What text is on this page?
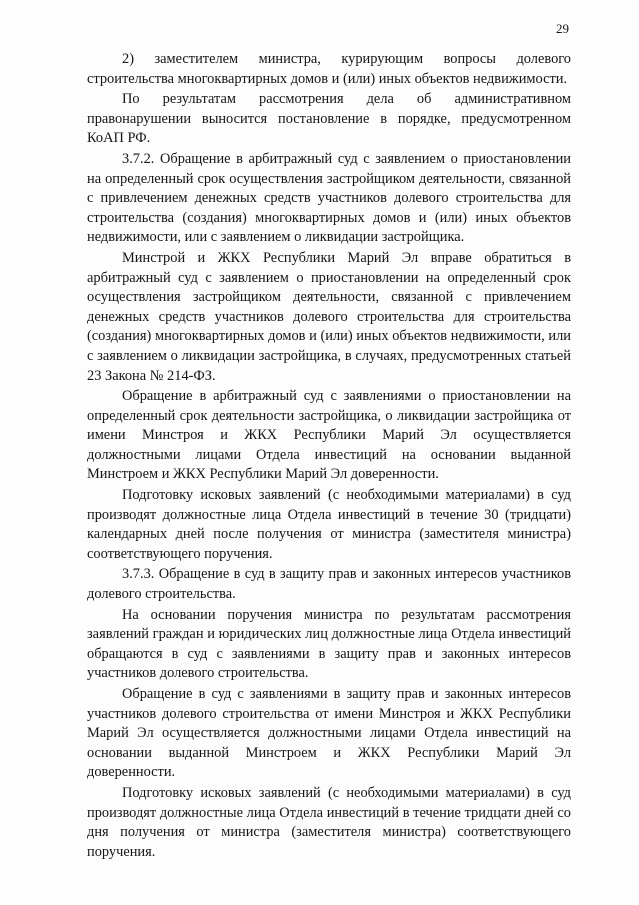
29

2) заместителем министра, курирующим вопросы долевого строительства многоквартирных домов и (или) иных объектов недвижимости.

По результатам рассмотрения дела об административном правонарушении выносится постановление в порядке, предусмотренном КоАП РФ.

3.7.2. Обращение в арбитражный суд с заявлением о приостановлении на определенный срок осуществления застройщиком деятельности, связанной с привлечением денежных средств участников долевого строительства для строительства (создания) многоквартирных домов и (или) иных объектов недвижимости, или с заявлением о ликвидации застройщика.

Минстрой и ЖКХ Республики Марий Эл вправе обратиться в арбитражный суд с заявлением о приостановлении на определенный срок осуществления застройщиком деятельности, связанной с привлечением денежных средств участников долевого строительства для строительства (создания) многоквартирных домов и (или) иных объектов недвижимости, или с заявлением о ликвидации застройщика, в случаях, предусмотренных статьей 23 Закона № 214-ФЗ.

Обращение в арбитражный суд с заявлениями о приостановлении на определенный срок деятельности застройщика, о ликвидации застройщика от имени Минстроя и ЖКХ Республики Марий Эл осуществляется должностными лицами Отдела инвестиций на основании выданной Минстроем и ЖКХ Республики Марий Эл доверенности.

Подготовку исковых заявлений (с необходимыми материалами) в суд производят должностные лица Отдела инвестиций в течение 30 (тридцати) календарных дней после получения от министра (заместителя министра) соответствующего поручения.

3.7.3. Обращение в суд в защиту прав и законных интересов участников долевого строительства.

На основании поручения министра по результатам рассмотрения заявлений граждан и юридических лиц должностные лица Отдела инвестиций обращаются в суд с заявлениями в защиту прав и законных интересов участников долевого строительства.

Обращение в суд с заявлениями в защиту прав и законных интересов участников долевого строительства от имени Минстроя и ЖКХ Республики Марий Эл осуществляется должностными лицами Отдела инвестиций на основании выданной Минстроем и ЖКХ Республики Марий Эл доверенности.

Подготовку исковых заявлений (с необходимыми материалами) в суд производят должностные лица Отдела инвестиций в течение тридцати дней со дня получения от министра (заместителя министра) соответствующего поручения.
